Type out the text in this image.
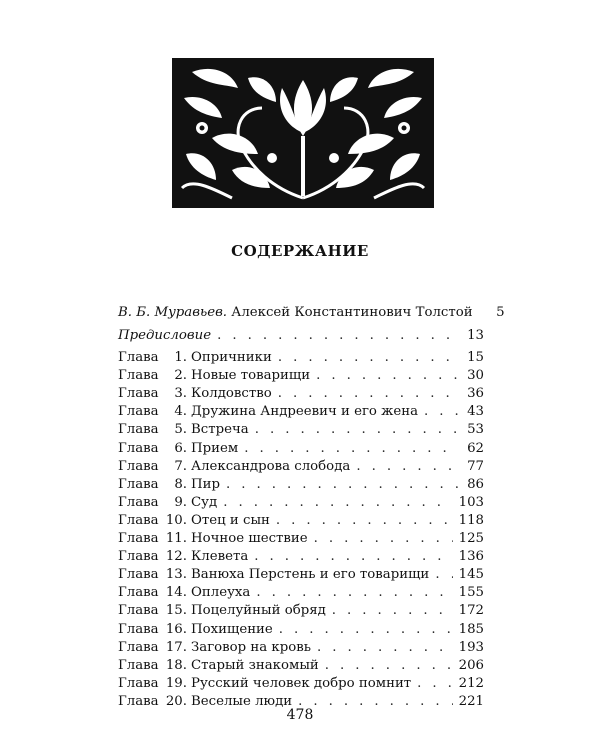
СОДЕРЖАНИЕ
В. Б. Муравьев. Алексей Константинович Толстой	5
Предисловие . . .	13
Глава	1. Опричники . . .	15
Глава	2. Новые товарищи . . .	30
Глава	3. Колдовство . . .	36
Глава	4. Дружина Андреевич и его жена . . .	43
Глава	5. Встреча . . .	53
Глава	6. Прием . . .	62
Глава	7. Александрова слобода . . .	77
Глава	8. Пир . . .	86
Глава	9. Суд . . .	103
Глава 10. Отец и сын . . .	118
Глава 11. Ночное шествие . . .	125
Глава 12. Клевета . . .	136
Глава 13. Ванюха Перстень и его товарищи . . . 145
Глава 14. Оплеуха . . .	155
Глава 15. Поцелуйный обряд . . .	172
Глава 16. Похищение . . .	185
Глава 17. Заговор на кровь . . .	193
Глава 18. Старый знакомый . . .	206
Глава 19. Русский человек добро помнит . . .	212
Глава 20. Веселые люди . . .	221
478
